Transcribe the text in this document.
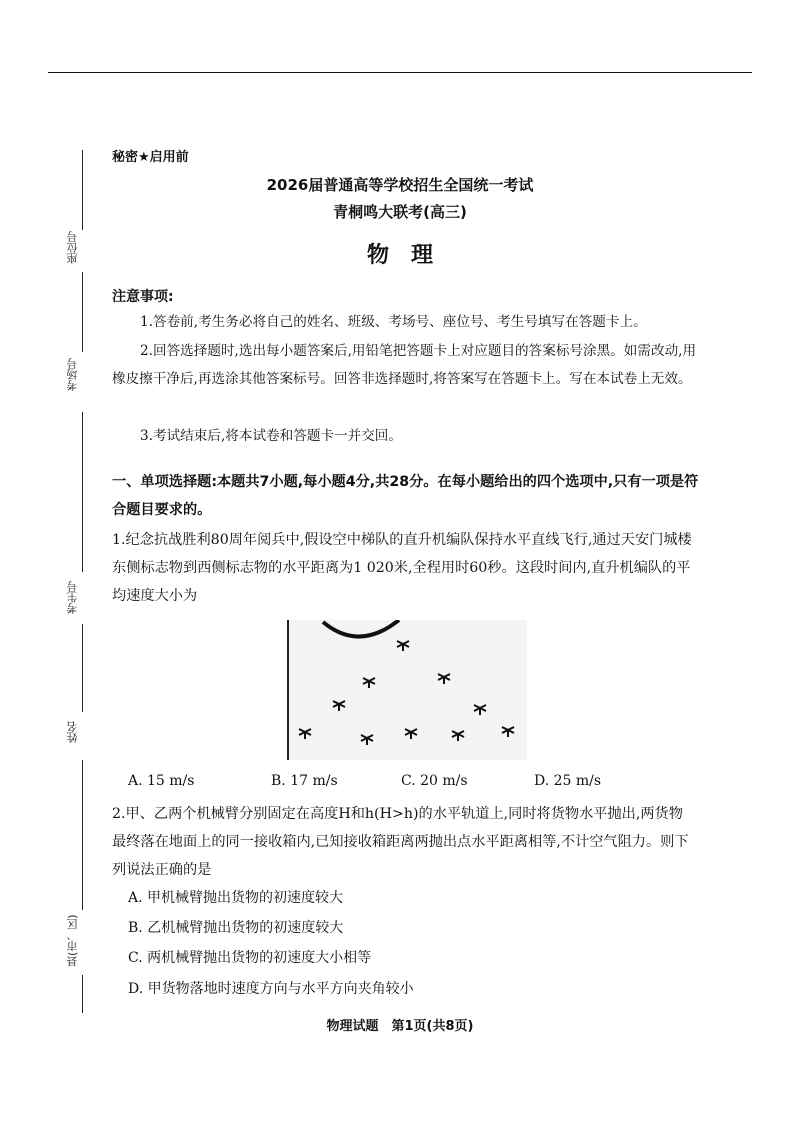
座位号
考场号
考生号
姓名
县(市、区)
秘密★启用前
2026届普通高等学校招生全国统一考试
青桐鸣大联考(高三)
物　理
注意事项:
1.答卷前,考生务必将自己的姓名、班级、考场号、座位号、考生号填写在答题卡上。
2.回答选择题时,选出每小题答案后,用铅笔把答题卡上对应题目的答案标号涂黑。如需改动,用橡皮擦干净后,再选涂其他答案标号。回答非选择题时,将答案写在答题卡上。写在本试卷上无效。
3.考试结束后,将本试卷和答题卡一并交回。
一、单项选择题:本题共7小题,每小题4分,共28分。在每小题给出的四个选项中,只有一项是符合题目要求的。
1.纪念抗战胜利80周年阅兵中,假设空中梯队的直升机编队保持水平直线飞行,通过天安门城楼东侧标志物到西侧标志物的水平距离为1 020米,全程用时60秒。这段时间内,直升机编队的平均速度大小为
A. 15 m/s	B. 17 m/s	C. 20 m/s	D. 25 m/s
2.甲、乙两个机械臂分别固定在高度H和h(H>h)的水平轨道上,同时将货物水平抛出,两货物最终落在地面上的同一接收箱内,已知接收箱距离两抛出点水平距离相等,不计空气阻力。则下列说法正确的是
A. 甲机械臂抛出货物的初速度较大
B. 乙机械臂抛出货物的初速度较大
C. 两机械臂抛出货物的初速度大小相等
D. 甲货物落地时速度方向与水平方向夹角较小
物理试题　第1页(共8页)
